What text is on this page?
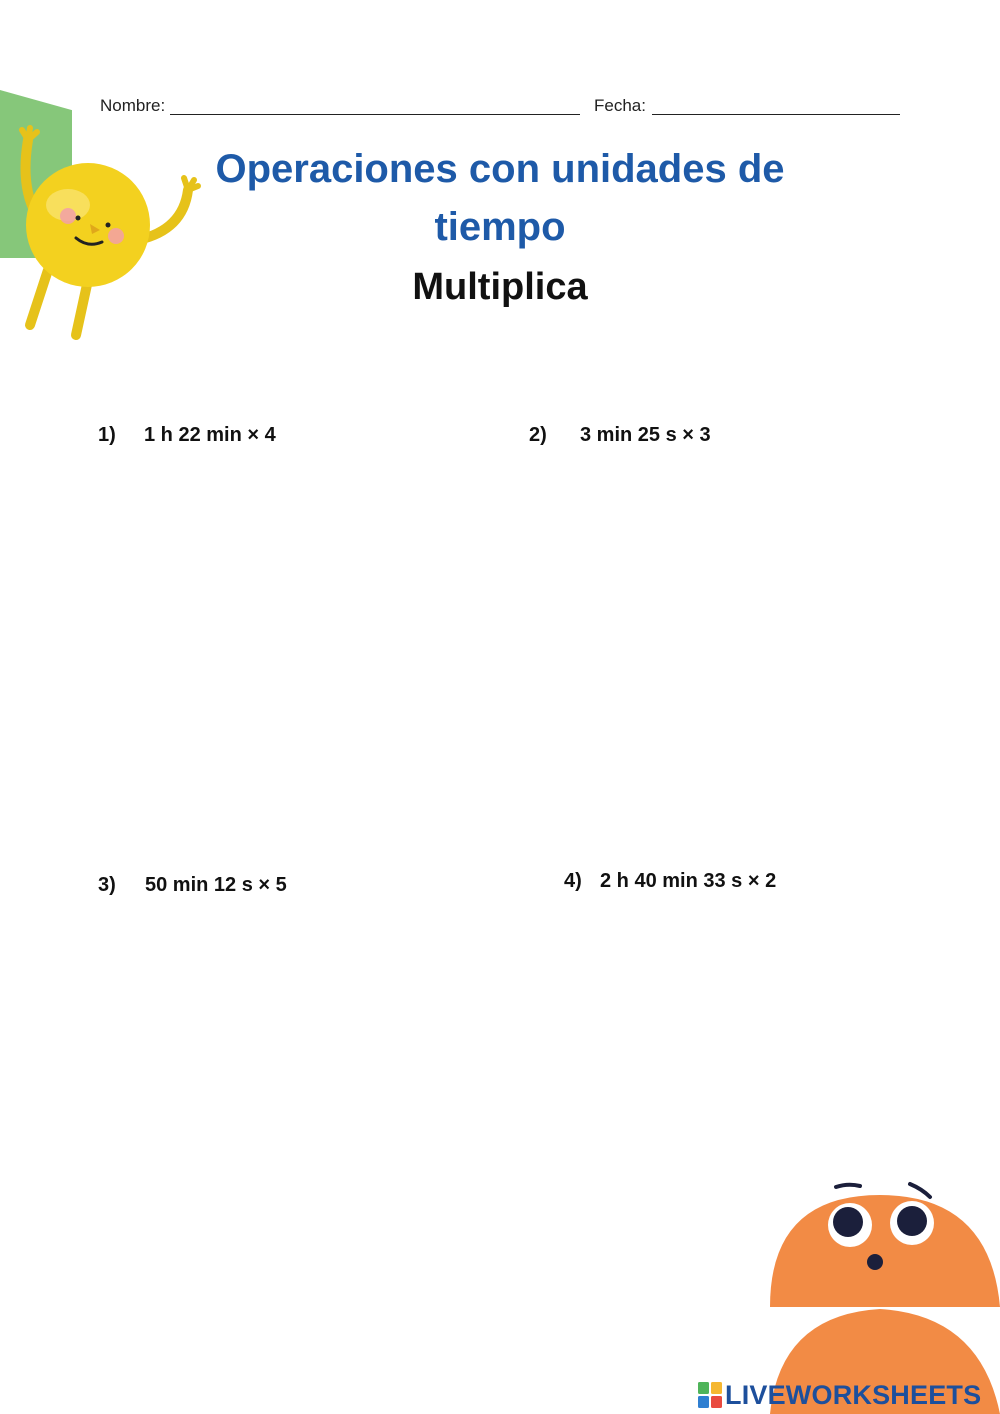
Nombre:	Fecha:
Operaciones con unidades de tiempo
Multiplica
1) 1 h 22 min × 4	2) 3 min 25 s × 3
3) 50 min 12 s × 5	4) 2 h 40 min 33 s × 2
LIVEWORKSHEETS
